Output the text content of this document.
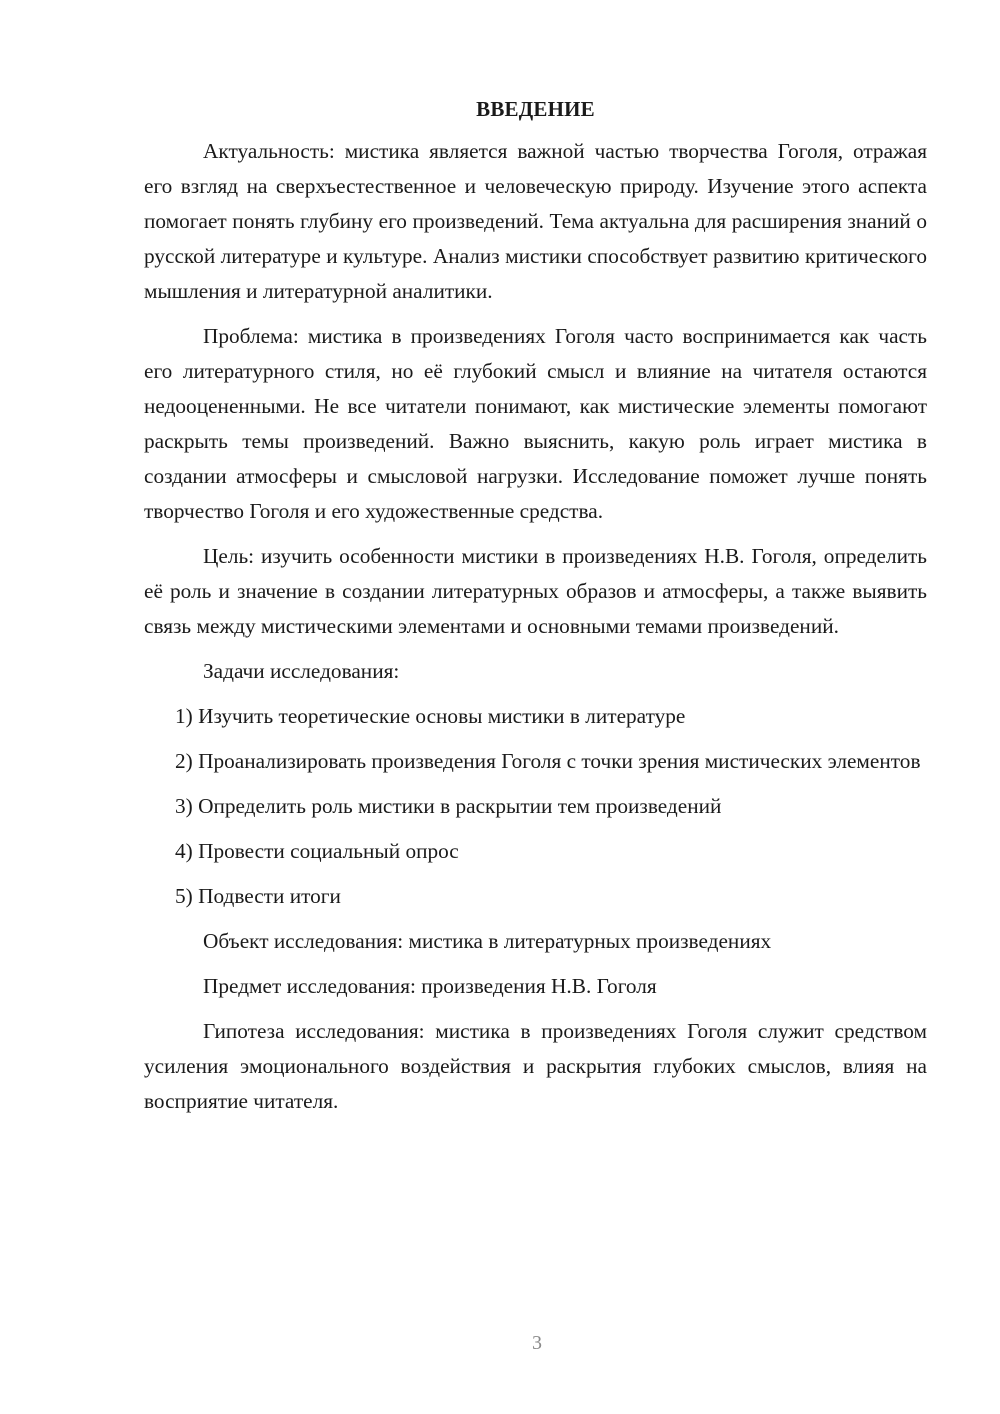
ВВЕДЕНИЕ

Актуальность: мистика является важной частью творчества Гоголя, отражая его взгляд на сверхъестественное и человеческую природу. Изучение этого аспекта помогает понять глубину его произведений. Тема актуальна для расширения знаний о русской литературе и культуре. Анализ мистики способствует развитию критического мышления и литературной аналитики.

Проблема: мистика в произведениях Гоголя часто воспринимается как часть его литературного стиля, но её глубокий смысл и влияние на читателя остаются недооцененными. Не все читатели понимают, как мистические элементы помогают раскрыть темы произведений. Важно выяснить, какую роль играет мистика в создании атмосферы и смысловой нагрузки. Исследование поможет лучше понять творчество Гоголя и его художественные средства.

Цель: изучить особенности мистики в произведениях Н.В. Гоголя, определить её роль и значение в создании литературных образов и атмосферы, а также выявить связь между мистическими элементами и основными темами произведений.

Задачи исследования:

1) Изучить теоретические основы мистики в литературе

2) Проанализировать произведения Гоголя с точки зрения мистических элементов

3) Определить роль мистики в раскрытии тем произведений

4) Провести социальный опрос

5) Подвести итоги

Объект исследования: мистика в литературных произведениях

Предмет исследования: произведения Н.В. Гоголя

Гипотеза исследования: мистика в произведениях Гоголя служит средством усиления эмоционального воздействия и раскрытия глубоких смыслов, влияя на восприятие читателя.

3
